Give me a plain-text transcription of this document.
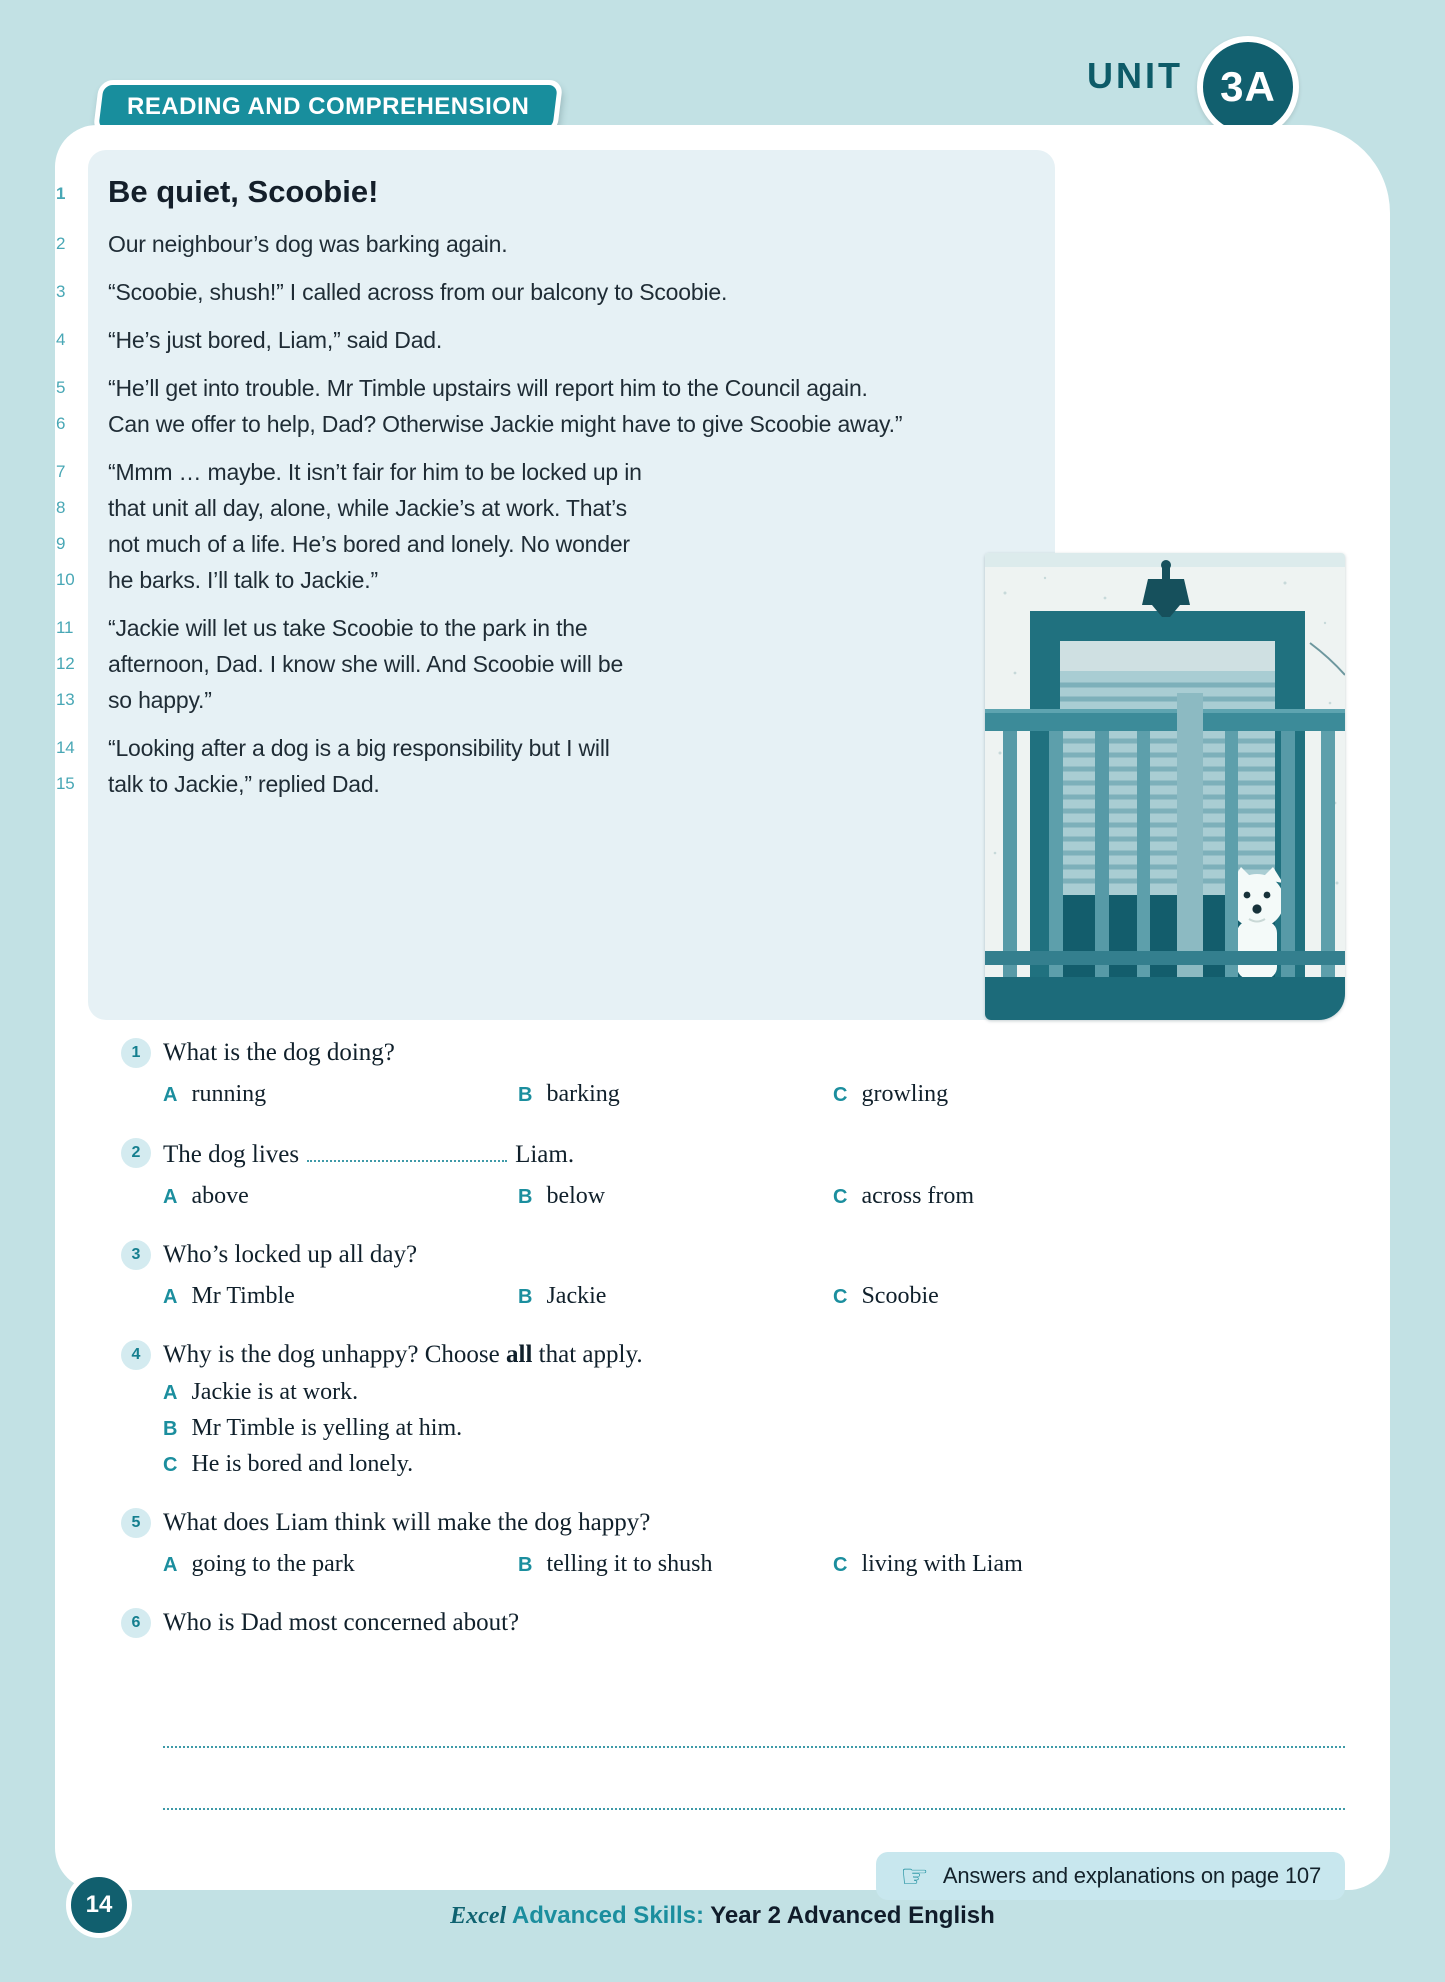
UNIT 3A
READING AND COMPREHENSION
1	Be quiet, Scoobie!
2	Our neighbour’s dog was barking again.
3	“Scoobie, shush!” I called across from our balcony to Scoobie.
4	“He’s just bored, Liam,” said Dad.
5	“He’ll get into trouble. Mr Timble upstairs will report him to the Council again.
6	Can we offer to help, Dad? Otherwise Jackie might have to give Scoobie away.”
7	“Mmm … maybe. It isn’t fair for him to be locked up in
8	that unit all day, alone, while Jackie’s at work. That’s
9	not much of a life. He’s bored and lonely. No wonder
10	he barks. I’ll talk to Jackie.”
11	“Jackie will let us take Scoobie to the park in the
12	afternoon, Dad. I know she will. And Scoobie will be
13	so happy.”
14	“Looking after a dog is a big responsibility but I will
15	talk to Jackie,” replied Dad.
1 What is the dog doing?
A running	B barking	C growling
2 The dog lives	Liam.
A above	B below	C across from
3 Who’s locked up all day?
A Mr Timble	B Jackie	C Scoobie
4 Why is the dog unhappy? Choose all that apply.
A Jackie is at work.
B Mr Timble is yelling at him.
C He is bored and lonely.
5 What does Liam think will make the dog happy?
A going to the park	B telling it to shush	C living with Liam
6 Who is Dad most concerned about?
☞ Answers and explanations on page 107
14	Excel Advanced Skills: Year 2 Advanced English
